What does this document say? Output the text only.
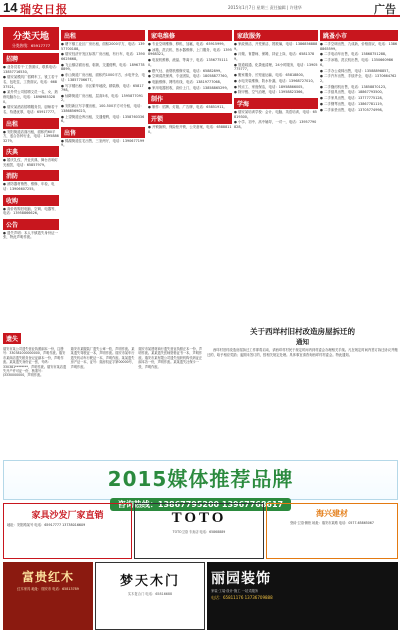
14 瑞安日报	2015年1月7日 星期三 责任编辑 | 许建华	广告
分类天地
分类热线：65917777
招聘
● 业务员若干·工资面议，联系电话：13857716530。
● 瑞安某模具厂招聘车工、铣工若干名，包吃住，工资面议。电话：66837521。
● 某外贸公司招聘文员一名，女，熟练电脑办公，电话：18989853280。
● 瑞安某酒店招聘服务员、厨师若干名，待遇优厚，电话：65917777。
出租
● 安阳街道店面出租，面积约60平方，适合各种行业，电话：13958863279。
庆典
● 婚庆礼仪、开业庆典、舞台音响灯光租赁，电话：65857979。
消防
● 消防器材销售、维修、年检，电话：13906607255。
收购
● 高价收购旧电脑、空调、电器等，电话：13958866626。
公告
● 遗失声明：本人不慎遗失身份证一张，特此声明作废。
出租
● 塘下镇工业区厂房出租，面积2000平方，电话：13957700188。
● 瑞安经济开发区标准厂房出租，有行车，电话：13906625668。
● 飞云镇店面出租，临街，交通便利，电话：18967788899。
● 东山街道厂房出租，面积约1000平方，水电齐全，电话：13857706677。
● 写字楼出租：市区繁华地段，精装修，电话：65817798。
● 仙降街道厂房出租，层高5米，电话：15958770912。
● 安阳新区写字楼出租，100-500平方可分租，电话：13868569023。
● 上望街道仓库出租，交通便利，电话：13587603366。
出售
● 锦湖街道住宅出售，三室两厅，电话：13906771999。
家电维修
● 专业空调维修、移机、加氟，电话：65915999。
● 冰箱、洗衣机、热水器维修，上门服务，电话：13958968321。
● 电视机维修，液晶、等离子，电话：13567751110。
● 燃气灶、油烟机维修安装，电话：65882899。
● 空调清洗保养，专业团队，电话：18058877760。
● 电脑维修、网络布线，电话：13819777068。
● 家用电器回收，高价上门，电话：13858865299。
制作
● 制作：招牌、灯箱、广告牌，电话：65851911。
开锁
● 开锁换锁、保险柜开锁，公安备案，电话：65888110。
家政服务
● 家政保洁、开荒保洁、擦玻璃，电话：13868568889。
● 月嫂、育婴师、保姆，持证上岗，电话：65813789。
● 管道疏通、化粪池清理，24小时服务，电话：13905775777。
● 搬家服务、长短途运输，电话：65818800。
● 水电安装维修，防水补漏，电话：13968727010。
● 钟点工、家庭保洁，电话：18958866005。
● 除甲醛、空气治理，电话：13958823366。
学海
● 瑞安某培训学校：会计、电脑、英语培训，电话：65819300。
● 小学、初中、高中辅导，一对一，电话：13957790828。
跳蚤小市
● 二手空调出售，九成新，价格面议，电话：13868865599。
● 二手电动车出售，电话：15868751288。
● 二手冰箱、洗衣机出售，电话：13506609866。
● 二手办公桌椅出售，电话：13588898857。
● 二手汽车出售，手续齐全，电话：13706647622。
● 二手缝纫机出售，电话：13858870123。
● 二手厨具出售，电话：18867793500。
● 二手家具出售，电话：13777775128。
● 二手钢琴出售，电话：13867781119。
● 二手床垫出售，电话：13705774998。
遗失
瑞安市某公司遗失营业执照副本一份，注册号：330381000000000，声明作废。瑞安市某商店遗失税务登记证副本一份，声明作废。某某遗失身份证一张，号码：330381********，声明作废。瑞安市某店遗失开户许可证一份，核准号：J3330000000，声明作废。
瑞安市某服装厂遗失公章一枚，声明作废。某某遗失驾驶证一本，声明作废。瑞安市某车行遗失机动车行驶证一本，声明作废。某某遗失房产证一本，证号：瑞房权证字第00000号，声明作废。
瑞安市某建材商行遗失营业执照正本一份，声明作废。某某遗失医师资格证书一本，声明作废。瑞安市某有限公司遗失组织机构代码证正副本各一份，声明作废。某某遗失社保卡一张，声明作废。
关于西垟村旧村改造房屋拆迁的
通知
西垟村旧村改造房屋拆迁工作即将启动，请西垟村村民于规定时间内到村委会办理相关手续。凡在规定时间内签订拆迁协议并搬迁的，给予相应奖励；逾期未签订的，按相关规定处理。具体事宜请咨询西垟村村委会。特此通知。
2015媒体推荐品牌
咨询热线：13867795200 13967768617
家具沙发厂家直销
地址：安阳路某号 电话：65917777 13738016609	TOTO
TOTO卫浴 专卖店 电话：65868889
海兴建材
瓷砖·卫浴·橱柜 地址：瑞安市某路 电话：0577-65865067
富贵红木
红木家具 地址：瑞安市 电话：65813789	梦天木门
实木复合门 电话：65816688
丽园装饰
家装·工装·设计·施工 一站式服务
电话：65811176 13736709888
